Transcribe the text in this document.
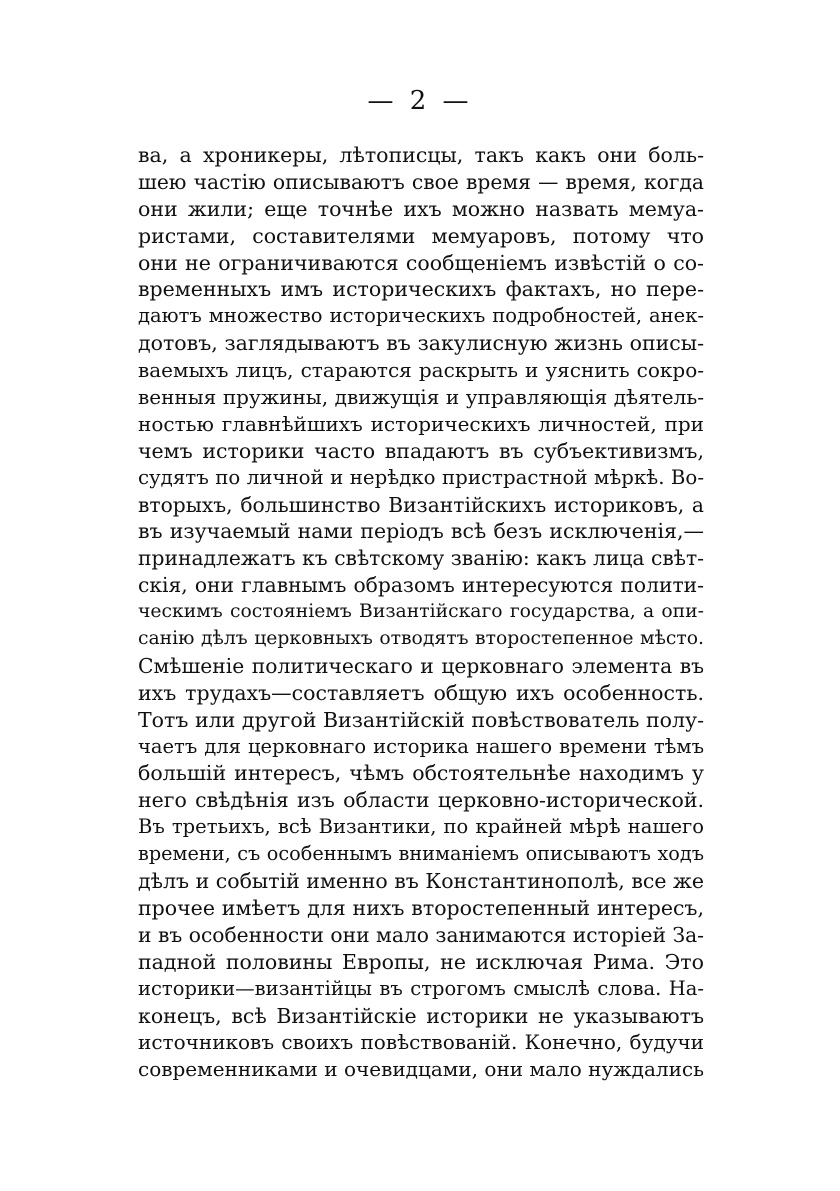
— 2 —
ва, а хроникеры, лѣтописцы, такъ какъ они боль-
шею частію описываютъ свое время — время, когда
они жили; еще точнѣе ихъ можно назвать мемуа-
ристами, составителями мемуаровъ, потому что
они не ограничиваются сообщеніемъ извѣстій о со-
временныхъ имъ историческихъ фактахъ, но пере-
даютъ множество историческихъ подробностей, анек-
дотовъ, заглядываютъ въ закулисную жизнь описы-
ваемыхъ лицъ, стараются раскрыть и уяснить сокро-
венныя пружины, движущія и управляющія дѣятель-
ностью главнѣйшихъ историческихъ личностей, при
чемъ историки часто впадаютъ въ субъективизмъ,
судятъ по личной и нерѣдко пристрастной мѣркѣ. Во-
вторыхъ, большинство Византійскихъ историковъ, а
въ изучаемый нами періодъ всѣ безъ исключенія,—
принадлежатъ къ свѣтскому званію: какъ лица свѣт-
скія, они главнымъ образомъ интересуются полити-
ческимъ состояніемъ Византійскаго государства, а опи-
санію дѣлъ церковныхъ отводятъ второстепенное мѣсто.
Смѣшеніе политическаго и церковнаго элемента въ
ихъ трудахъ—составляетъ общую ихъ особенность.
Тотъ или другой Византійскій повѣствователь полу-
чаетъ для церковнаго историка нашего времени тѣмъ
большій интересъ, чѣмъ обстоятельнѣе находимъ у
него свѣдѣнія изъ области церковно-исторической.
Въ третьихъ, всѣ Византики, по крайней мѣрѣ нашего
времени, съ особеннымъ вниманіемъ описываютъ ходъ
дѣлъ и событій именно въ Константинополѣ, все же
прочее имѣетъ для нихъ второстепенный интересъ,
и въ особенности они мало занимаются исторіей За-
падной половины Европы, не исключая Рима. Это
историки—византійцы въ строгомъ смыслѣ слова. На-
конецъ, всѣ Византійскіе историки не указываютъ
источниковъ своихъ повѣствованій. Конечно, будучи
современниками и очевидцами, они мало нуждались
